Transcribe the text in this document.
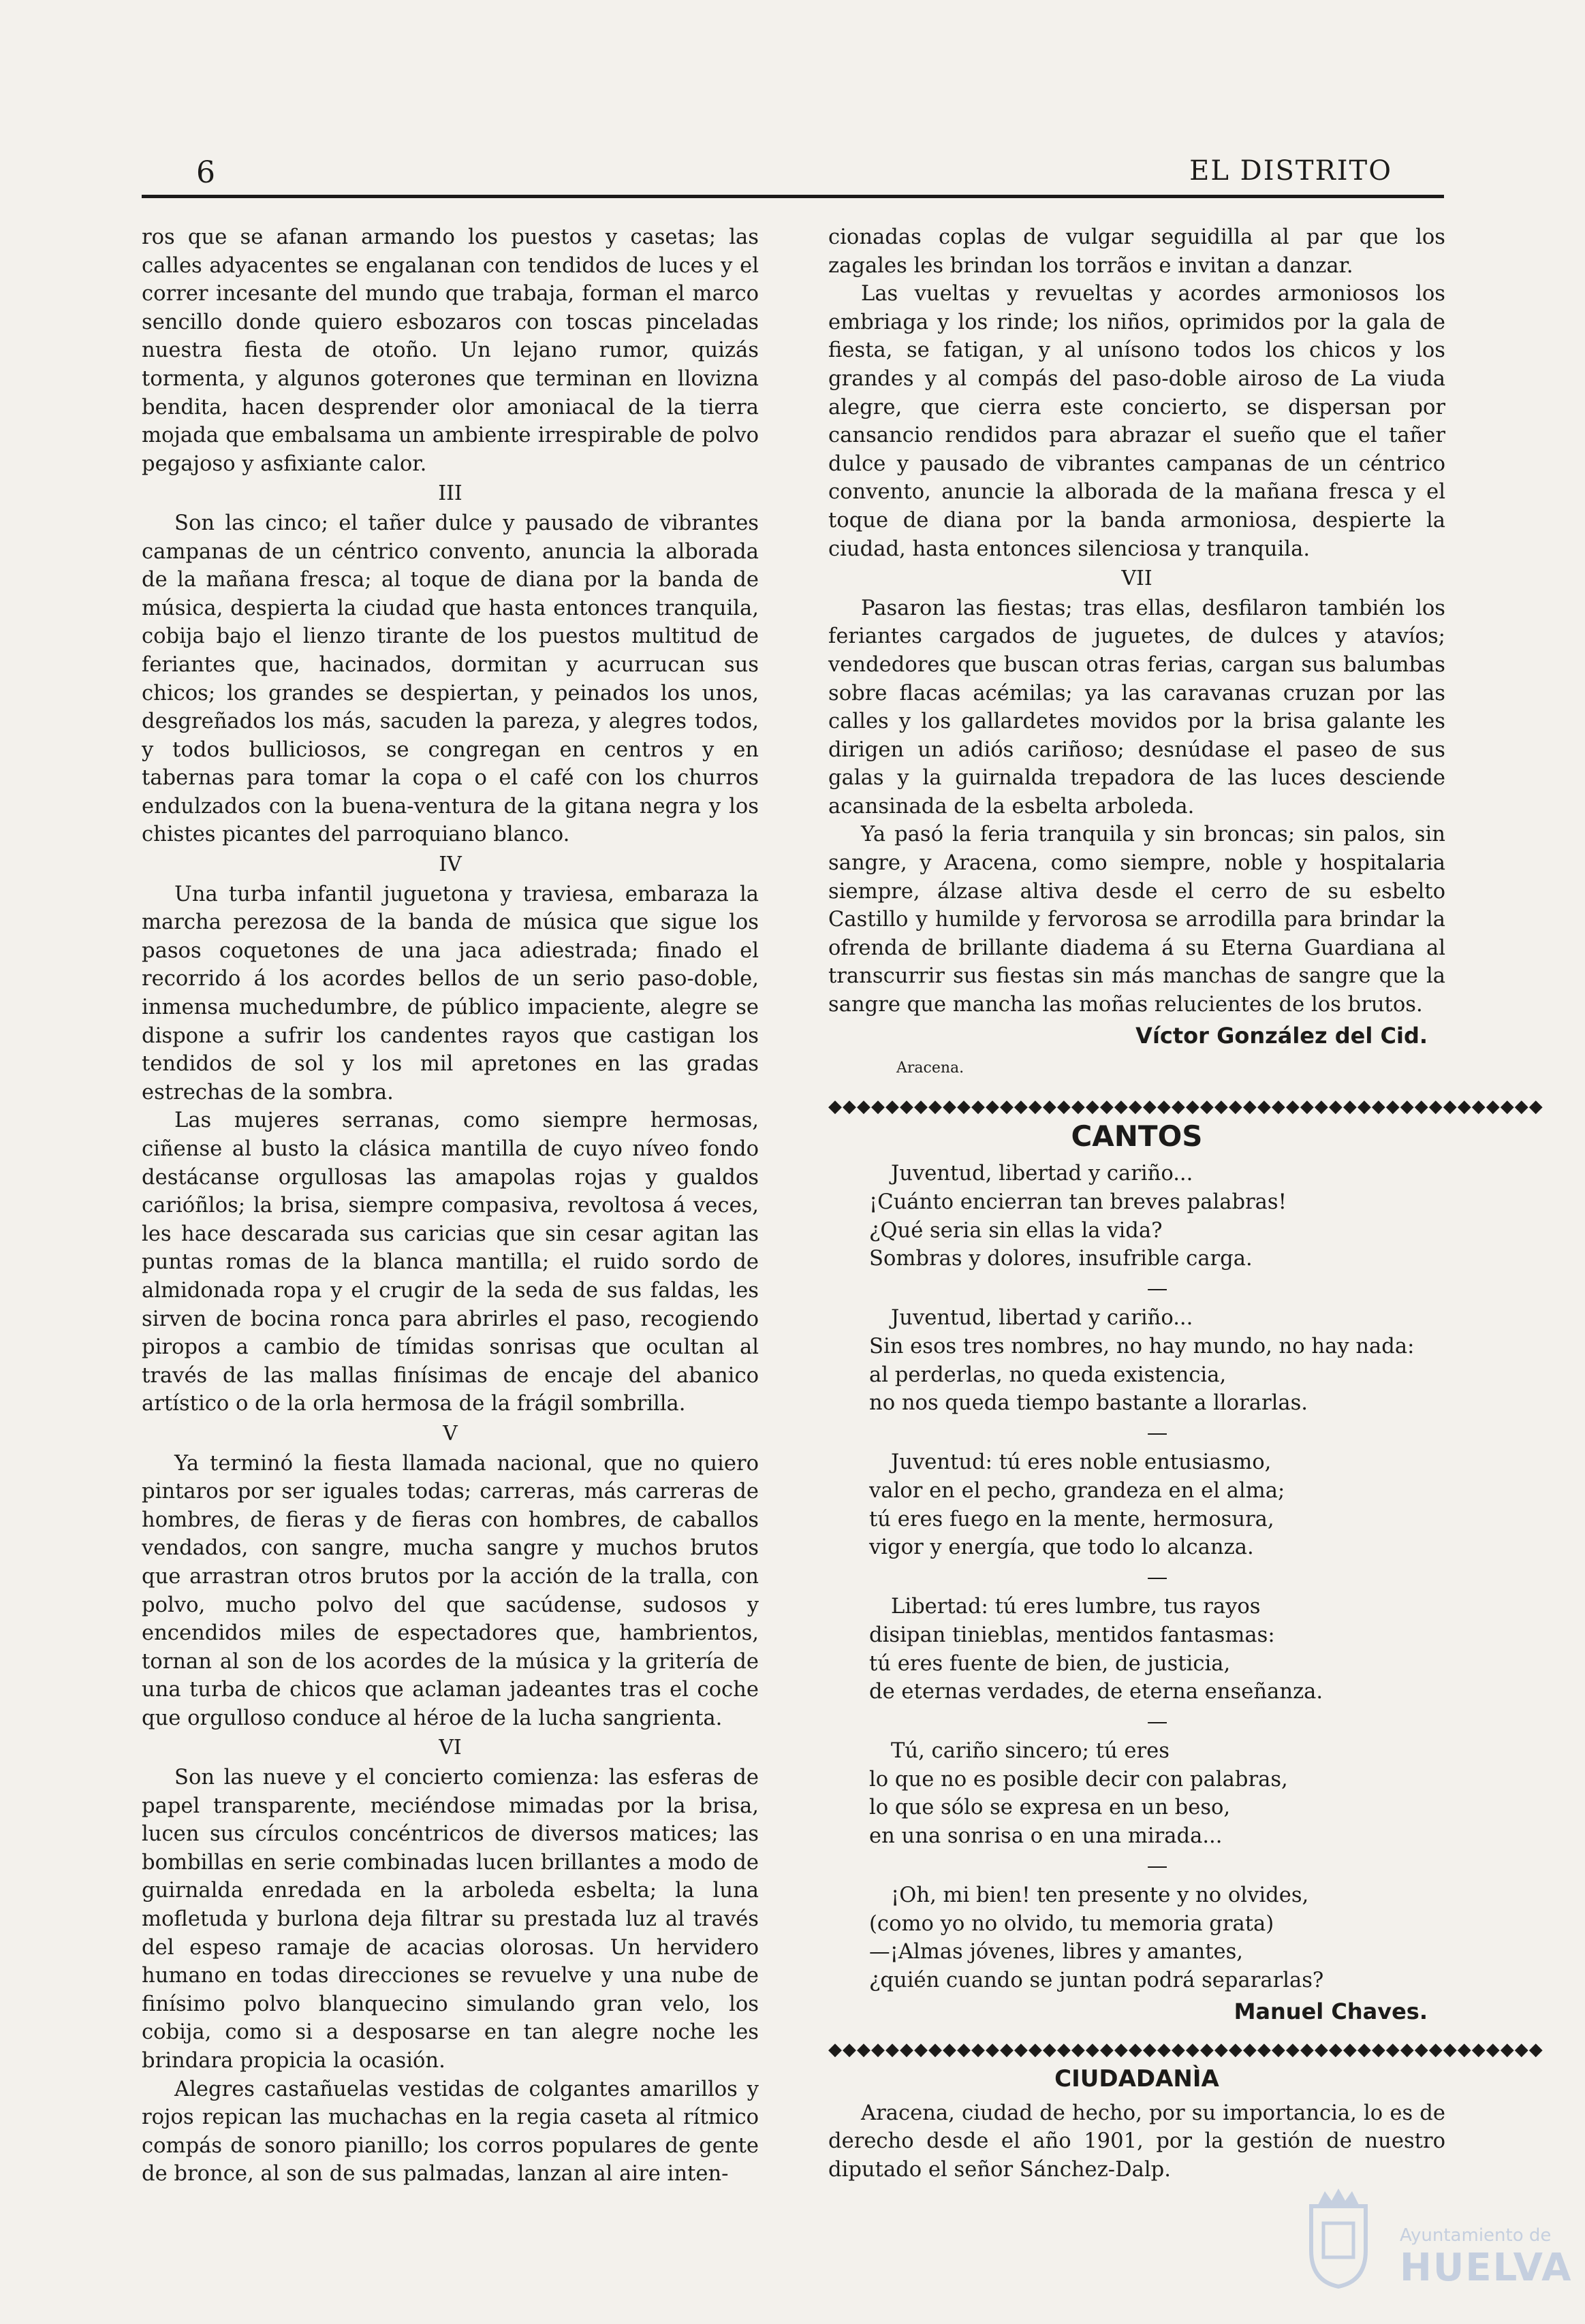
6	EL DISTRITO

ros que se afanan armando los puestos y casetas; las calles adyacentes se engalanan con tendidos de luces y el correr incesante del mundo que trabaja, forman el marco sencillo donde quiero esbozaros con toscas pinceladas nuestra fiesta de otoño. Un lejano rumor, quizás tormenta, y algunos goterones que terminan en llovizna bendita, hacen desprender olor amoniacal de la tierra mojada que embalsama un ambiente irrespirable de polvo pegajoso y asfixiante calor.

III

Son las cinco; el tañer dulce y pausado de vibrantes campanas de un céntrico convento, anuncia la alborada de la mañana fresca; al toque de diana por la banda de música, despierta la ciudad que hasta entonces tranquila, cobija bajo el lienzo tirante de los puestos multitud de feriantes que, hacinados, dormitan y acurrucan sus chicos; los grandes se despiertan, y peinados los unos, desgreñados los más, sacuden la pareza, y alegres todos, y todos bulliciosos, se congregan en centros y en tabernas para tomar la copa o el café con los churros endulzados con la buena-ventura de la gitana negra y los chistes picantes del parroquiano blanco.

IV

Una turba infantil juguetona y traviesa, embaraza la marcha perezosa de la banda de música que sigue los pasos coquetones de una jaca adiestrada; finado el recorrido á los acordes bellos de un serio paso-doble, inmensa muchedumbre, de público impaciente, alegre se dispone a sufrir los candentes rayos que castigan los tendidos de sol y los mil apretones en las gradas estrechas de la sombra.

Las mujeres serranas, como siempre hermosas, ciñense al busto la clásica mantilla de cuyo níveo fondo destácanse orgullosas las amapolas rojas y gualdos carióñlos; la brisa, siempre compasiva, revoltosa á veces, les hace descarada sus caricias que sin cesar agitan las puntas romas de la blanca mantilla; el ruido sordo de almidonada ropa y el crugir de la seda de sus faldas, les sirven de bocina ronca para abrirles el paso, recogiendo piropos a cambio de tímidas sonrisas que ocultan al través de las mallas finísimas de encaje del abanico artístico o de la orla hermosa de la frágil sombrilla.

V

Ya terminó la fiesta llamada nacional, que no quiero pintaros por ser iguales todas; carreras, más carreras de hombres, de fieras y de fieras con hombres, de caballos vendados, con sangre, mucha sangre y muchos brutos que arrastran otros brutos por la acción de la tralla, con polvo, mucho polvo del que sacúdense, sudosos y encendidos miles de espectadores que, hambrientos, tornan al son de los acordes de la música y la gritería de una turba de chicos que aclaman jadeantes tras el coche que orgulloso conduce al héroe de la lucha sangrienta.

VI

Son las nueve y el concierto comienza: las esferas de papel transparente, meciéndose mimadas por la brisa, lucen sus círculos concéntricos de diversos matices; las bombillas en serie combinadas lucen brillantes a modo de guirnalda enredada en la arboleda esbelta; la luna mofletuda y burlona deja filtrar su prestada luz al través del espeso ramaje de acacias olorosas. Un hervidero humano en todas direcciones se revuelve y una nube de finísimo polvo blanquecino simulando gran velo, los cobija, como si a desposarse en tan alegre noche les brindara propicia la ocasión.

Alegres castañuelas vestidas de colgantes amarillos y rojos repican las muchachas en la regia caseta al rítmico compás de sonoro pianillo; los corros populares de gente de bronce, al son de sus palmadas, lanzan al aire inten-

cionadas coplas de vulgar seguidilla al par que los zagales les brindan los torrãos e invitan a danzar.

Las vueltas y revueltas y acordes armoniosos los embriaga y los rinde; los niños, oprimidos por la gala de fiesta, se fatigan, y al unísono todos los chicos y los grandes y al compás del paso-doble airoso de La viuda alegre, que cierra este concierto, se dispersan por cansancio rendidos para abrazar el sueño que el tañer dulce y pausado de vibrantes campanas de un céntrico convento, anuncie la alborada de la mañana fresca y el toque de diana por la banda armoniosa, despierte la ciudad, hasta entonces silenciosa y tranquila.

VII

Pasaron las fiestas; tras ellas, desfilaron también los feriantes cargados de juguetes, de dulces y atavíos; vendedores que buscan otras ferias, cargan sus balumbas sobre flacas acémilas; ya las caravanas cruzan por las calles y los gallardetes movidos por la brisa galante les dirigen un adiós cariñoso; desnúdase el paseo de sus galas y la guirnalda trepadora de las luces desciende acansinada de la esbelta arboleda.

Ya pasó la feria tranquila y sin broncas; sin palos, sin sangre, y Aracena, como siempre, noble y hospitalaria siempre, álzase altiva desde el cerro de su esbelto Castillo y humilde y fervorosa se arrodilla para brindar la ofrenda de brillante diadema á su Eterna Guardiana al transcurrir sus fiestas sin más manchas de sangre que la sangre que mancha las moñas relucientes de los brutos.

Víctor González del Cid.
Aracena.
◆◆◆◆◆◆◆◆◆◆◆◆◆◆◆◆◆◆◆◆◆◆◆◆◆◆◆◆◆◆◆◆◆◆◆◆◆◆◆◆◆◆◆◆◆◆◆◆◆◆
CANTOS
Juventud, libertad y cariño...
¡Cuánto encierran tan breves palabras!
¿Qué seria sin ellas la vida?
Sombras y dolores, insufrible carga.
—
Juventud, libertad y cariño...
Sin esos tres nombres, no hay mundo, no hay nada:
al perderlas, no queda existencia,
no nos queda tiempo bastante a llorarlas.
—
Juventud: tú eres noble entusiasmo,
valor en el pecho, grandeza en el alma;
tú eres fuego en la mente, hermosura,
vigor y energía, que todo lo alcanza.
—
Libertad: tú eres lumbre, tus rayos
disipan tinieblas, mentidos fantasmas:
tú eres fuente de bien, de justicia,
de eternas verdades, de eterna enseñanza.
—
Tú, cariño sincero; tú eres
lo que no es posible decir con palabras,
lo que sólo se expresa en un beso,
en una sonrisa o en una mirada...
—
¡Oh, mi bien! ten presente y no olvides,
(como yo no olvido, tu memoria grata)
—¡Almas jóvenes, libres y amantes,
¿quién cuando se juntan podrá separarlas?
Manuel Chaves.
◆◆◆◆◆◆◆◆◆◆◆◆◆◆◆◆◆◆◆◆◆◆◆◆◆◆◆◆◆◆◆◆◆◆◆◆◆◆◆◆◆◆◆◆◆◆◆◆◆◆
CIUDADANÌA

Aracena, ciudad de hecho, por su importancia, lo es de derecho desde el año 1901, por la gestión de nuestro diputado el señor Sánchez-Dalp.

Ayuntamiento de
HUELVA
